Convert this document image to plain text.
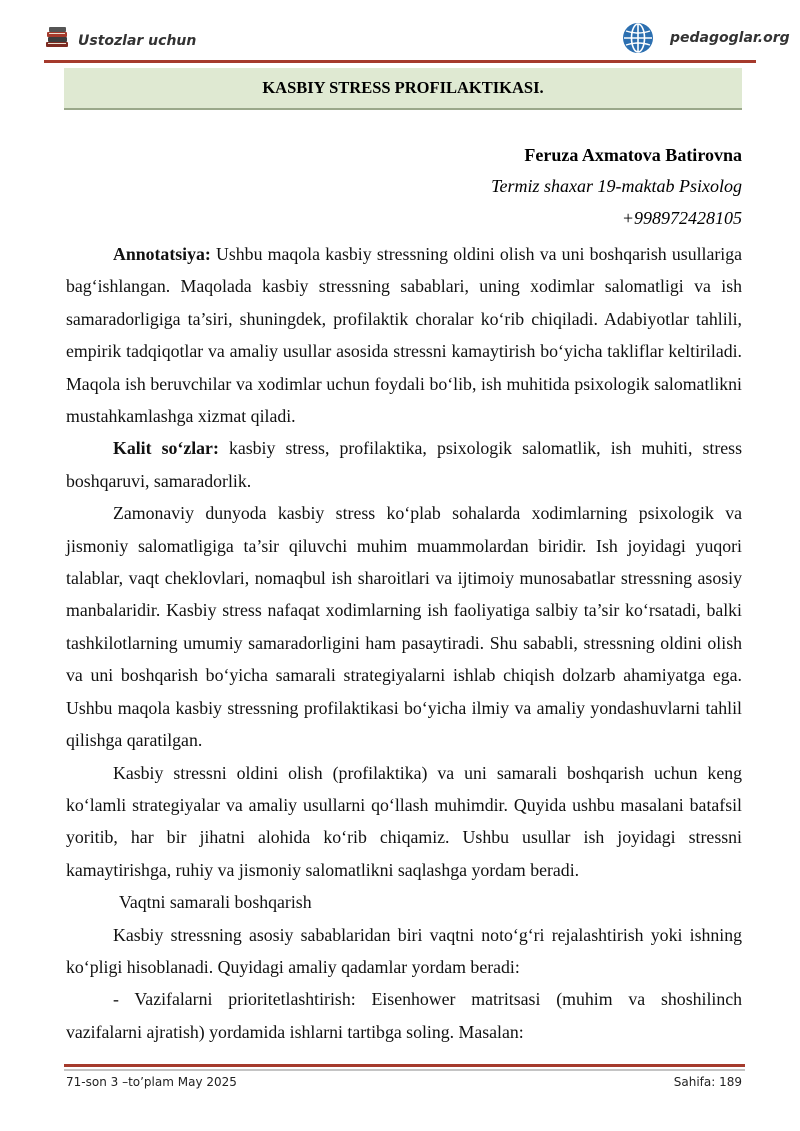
Ustozlar uchun	pedagoglar.org
KASBIY STRESS PROFILAKTIKASI.
Feruza Axmatova Batirovna
Termiz shaxar 19-maktab Psixolog
+998972428105

Annotatsiya: Ushbu maqola kasbiy stressning oldini olish va uni boshqarish usullariga bag‘ishlangan. Maqolada kasbiy stressning sabablari, uning xodimlar salomatligi va ish samaradorligiga ta’siri, shuningdek, profilaktik choralar ko‘rib chiqiladi. Adabiyotlar tahlili, empirik tadqiqotlar va amaliy usullar asosida stressni kamaytirish bo‘yicha takliflar keltiriladi. Maqola ish beruvchilar va xodimlar uchun foydali bo‘lib, ish muhitida psixologik salomatlikni mustahkamlashga xizmat qiladi.

Kalit so‘zlar: kasbiy stress, profilaktika, psixologik salomatlik, ish muhiti, stress boshqaruvi, samaradorlik.

Zamonaviy dunyoda kasbiy stress ko‘plab sohalarda xodimlarning psixologik va jismoniy salomatligiga ta’sir qiluvchi muhim muammolardan biridir. Ish joyidagi yuqori talablar, vaqt cheklovlari, nomaqbul ish sharoitlari va ijtimoiy munosabatlar stressning asosiy manbalaridir. Kasbiy stress nafaqat xodimlarning ish faoliyatiga salbiy ta’sir ko‘rsatadi, balki tashkilotlarning umumiy samaradorligini ham pasaytiradi. Shu sababli, stressning oldini olish va uni boshqarish bo‘yicha samarali strategiyalarni ishlab chiqish dolzarb ahamiyatga ega. Ushbu maqola kasbiy stressning profilaktikasi bo‘yicha ilmiy va amaliy yondashuvlarni tahlil qilishga qaratilgan.

Kasbiy stressni oldini olish (profilaktika) va uni samarali boshqarish uchun keng ko‘lamli strategiyalar va amaliy usullarni qo‘llash muhimdir. Quyida ushbu masalani batafsil yoritib, har bir jihatni alohida ko‘rib chiqamiz. Ushbu usullar ish joyidagi stressni kamaytirishga, ruhiy va jismoniy salomatlikni saqlashga yordam beradi.

Vaqtni samarali boshqarish

Kasbiy stressning asosiy sabablaridan biri vaqtni noto‘g‘ri rejalashtirish yoki ishning ko‘pligi hisoblanadi. Quyidagi amaliy qadamlar yordam beradi:

- Vazifalarni prioritetlashtirish: Eisenhower matritsasi (muhim va shoshilinch vazifalarni ajratish) yordamida ishlarni tartibga soling. Masalan:

71-son 3 –to’plam May 2025	Sahifa: 189
